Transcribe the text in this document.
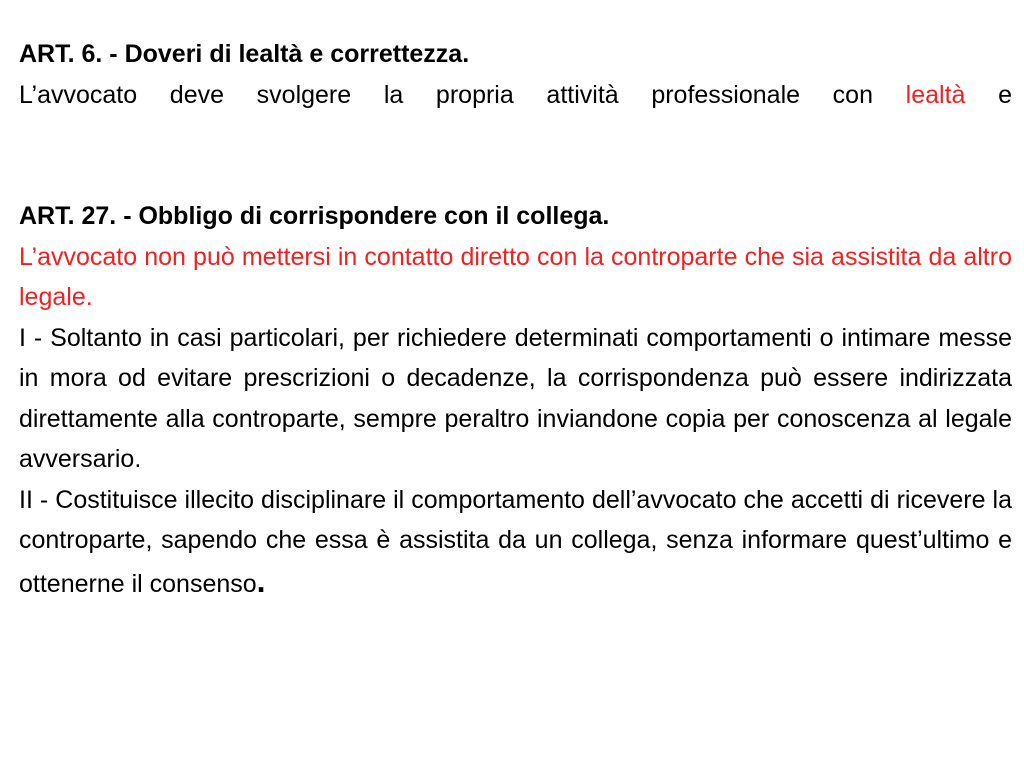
ART. 6. - Doveri di lealtà e correttezza.

L’avvocato deve svolgere la propria attività professionale con lealtà e

ART. 27. - Obbligo di corrispondere con il collega.

L’avvocato non può mettersi in contatto diretto con la controparte che sia assistita da altro legale.

I - Soltanto in casi particolari, per richiedere determinati comportamenti o intimare messe in mora od evitare prescrizioni o decadenze, la corrispondenza può essere indirizzata direttamente alla controparte, sempre peraltro inviandone copia per conoscenza al legale avversario.

II - Costituisce illecito disciplinare il comportamento dell’avvocato che accetti di ricevere la controparte, sapendo che essa è assistita da un collega, senza informare quest’ultimo e ottenerne il consenso.
